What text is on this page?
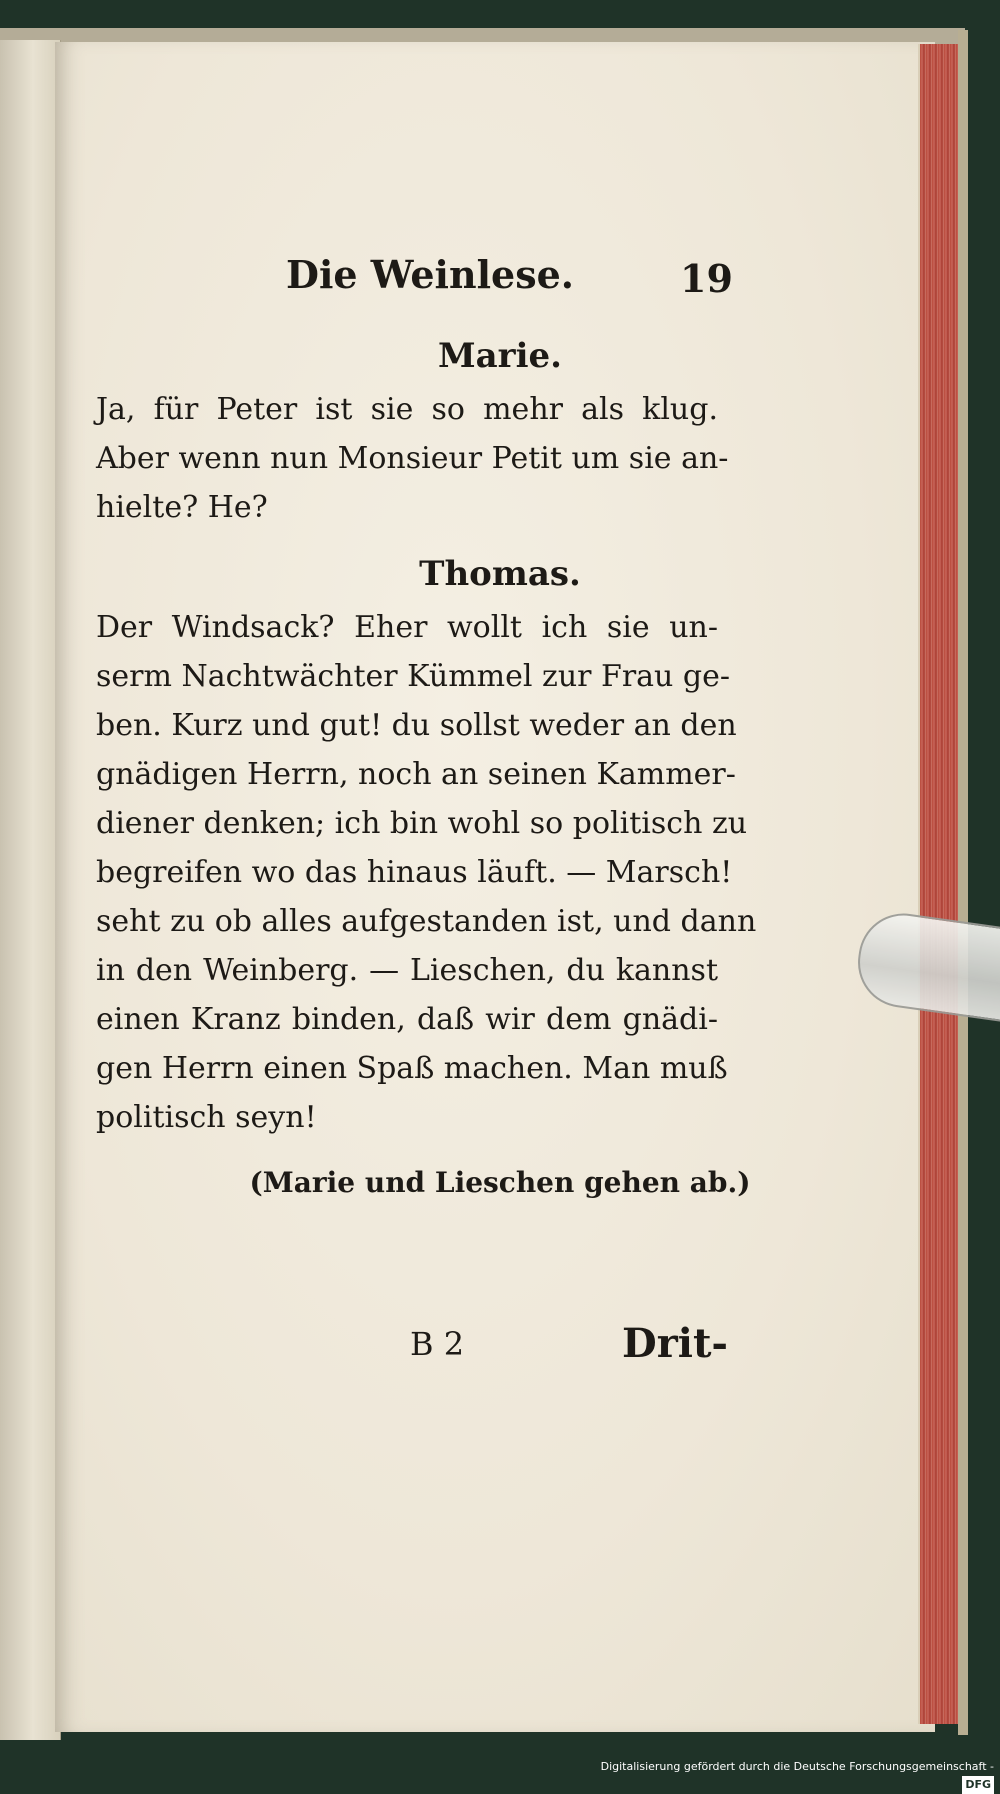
Die Weinlese.	19
Marie.
Ja, für Peter ist sie so mehr als klug.
Aber wenn nun Monsieur Petit um sie an-
hielte? He?
Thomas.
Der Windsack? Eher wollt ich sie un-
serm Nachtwächter Kümmel zur Frau ge-
ben. Kurz und gut! du sollst weder an den
gnädigen Herrn, noch an seinen Kammer-
diener denken; ich bin wohl so politisch zu
begreifen wo das hinaus läuft. — Marsch!
seht zu ob alles aufgestanden ist, und dann
in den Weinberg. — Lieschen, du kannst
einen Kranz binden, daß wir dem gnädi-
gen Herrn einen Spaß machen. Man muß
politisch seyn!
(Marie und Lieschen gehen ab.)
B 2	Drit-
Digitalisierung gefördert durch die Deutsche Forschungsgemeinschaft -DFG
